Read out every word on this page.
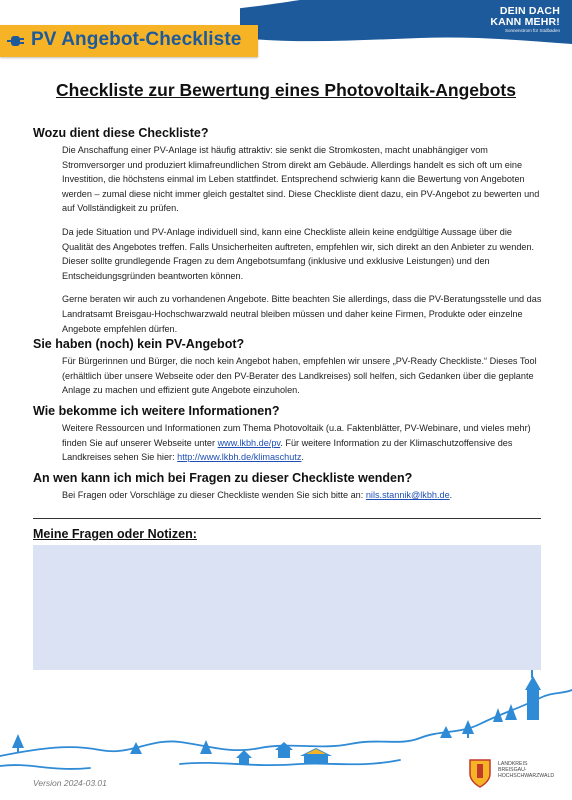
PV Angebot-Checkliste
DEIN DACH
KANN MEHR!
Sonnenstrom für Südbaden
Checkliste zur Bewertung eines Photovoltaik-Angebots
Wozu dient diese Checkliste?

Die Anschaffung einer PV-Anlage ist häufig attraktiv: sie senkt die Stromkosten, macht unabhängiger vom Stromversorger und produziert klimafreundlichen Strom direkt am Gebäude. Allerdings handelt es sich oft um eine Investition, die höchstens einmal im Leben stattfindet. Entsprechend schwierig kann die Bewertung von Angeboten werden – zumal diese nicht immer gleich gestaltet sind. Diese Checkliste dient dazu, ein PV-Angebot zu bewerten und auf Vollständigkeit zu prüfen.

Da jede Situation und PV-Anlage individuell sind, kann eine Checkliste allein keine endgültige Aussage über die Qualität des Angebotes treffen. Falls Unsicherheiten auftreten, empfehlen wir, sich direkt an den Anbieter zu wenden. Dieser sollte grundlegende Fragen zu dem Angebotsumfang (inklusive und exklusive Leistungen) und den Entscheidungsgründen beantworten können.

Gerne beraten wir auch zu vorhandenen Angebote. Bitte beachten Sie allerdings, dass die PV-Beratungsstelle und das Landratsamt Breisgau-Hochschwarzwald neutral bleiben müssen und daher keine Firmen, Produkte oder einzelne Angebote empfehlen dürfen.

Sie haben (noch) kein PV-Angebot?

Für Bürgerinnen und Bürger, die noch kein Angebot haben, empfehlen wir unsere „PV-Ready Checkliste.“ Dieses Tool (erhältlich über unsere Webseite oder den PV-Berater des Landkreises) soll helfen, sich Gedanken über die geplante Anlage zu machen und effizient gute Angebote einzuholen.

Wie bekomme ich weitere Informationen?

Weitere Ressourcen und Informationen zum Thema Photovoltaik (u.a. Faktenblätter, PV-Webinare, und vieles mehr) finden Sie auf unserer Webseite unter www.lkbh.de/pv. Für weitere Information zu der Klimaschutzoffensive des Landkreises sehen Sie hier: http://www.lkbh.de/klimaschutz.

An wen kann ich mich bei Fragen zu dieser Checkliste wenden?

Bei Fragen oder Vorschläge zu dieser Checkliste wenden Sie sich bitte an: nils.stannik@lkbh.de.

Meine Fragen oder Notizen:
Version 2024-03.01
LANDKREIS
BREISGAU-
HOCHSCHWARZWALD
